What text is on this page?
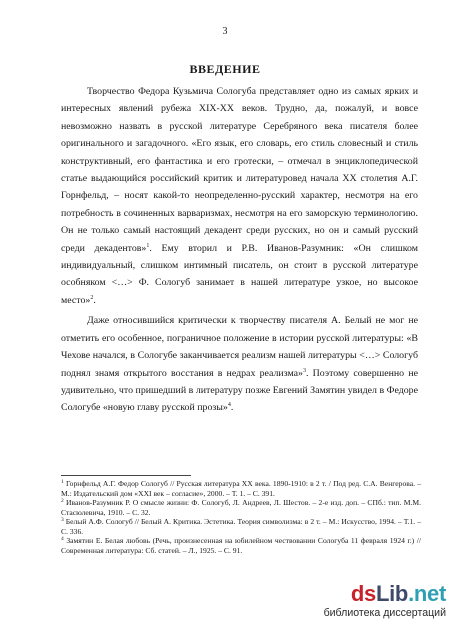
3
ВВЕДЕНИЕ

Творчество Федора Кузьмича Сологуба представляет одно из самых ярких и интересных явлений рубежа XIX-XX веков. Трудно, да, пожалуй, и вовсе невозможно назвать в русской литературе Серебряного века писателя более оригинального и загадочного. «Его язык, его словарь, его стиль словесный и стиль конструктивный, его фантастика и его гротески, – отмечал в энциклопедической статье выдающийся российский критик и литературовед начала XX столетия А.Г. Горнфельд, – носят какой-то неопределенно-русский характер, несмотря на его потребность в сочиненных варваризмах, несмотря на его заморскую терминологию. Он не только самый настоящий декадент среди русских, но он и самый русский среди декадентов»$^1$. Ему вторил и Р.В. Иванов-Разумник: «Он слишком индивидуальный, слишком интимный писатель, он стоит в русской литературе особняком <…> Ф. Сологуб занимает в нашей литературе узкое, но высокое место»$^2$.

Даже относившийся критически к творчеству писателя А. Белый не мог не отметить его особенное, пограничное положение в истории русской литературы: «В Чехове начался, в Сологубе заканчивается реализм нашей литературы <…> Сологуб поднял знамя открытого восстания в недрах реализма»$^3$. Поэтому совершенно не удивительно, что пришедший в литературу позже Евгений Замятин увидел в Федоре Сологубе «новую главу русской прозы»$^4$.

$^1$ Горнфельд А.Г. Федор Сологуб // Русская литература XX века. 1890-1910: в 2 т. / Под ред. С.А. Венгерова. – М.: Издательский дом «XXI век – согласие», 2000. – Т. 1. – С. 391.

$^2$ Иванов-Разумник Р. О смысле жизни: Ф. Сологуб, Л. Андреев, Л. Шестов. – 2-е изд. доп. – СПб.: тип. М.М. Стасюлевича, 1910. – С. 32.

$^3$ Белый А.Ф. Сологуб // Белый А. Критика. Эстетика. Теория символизма: в 2 т. – М.: Искусство, 1994. – Т.1. – С. 336.

$^4$ Замятин Е. Белая любовь (Речь, произнесенная на юбилейном чествовании Сологуба 11 февраля 1924 г.) // Современная литература: Сб. статей. – Л., 1925. – С. 91.

dsLib.net
библиотека диссертаций
